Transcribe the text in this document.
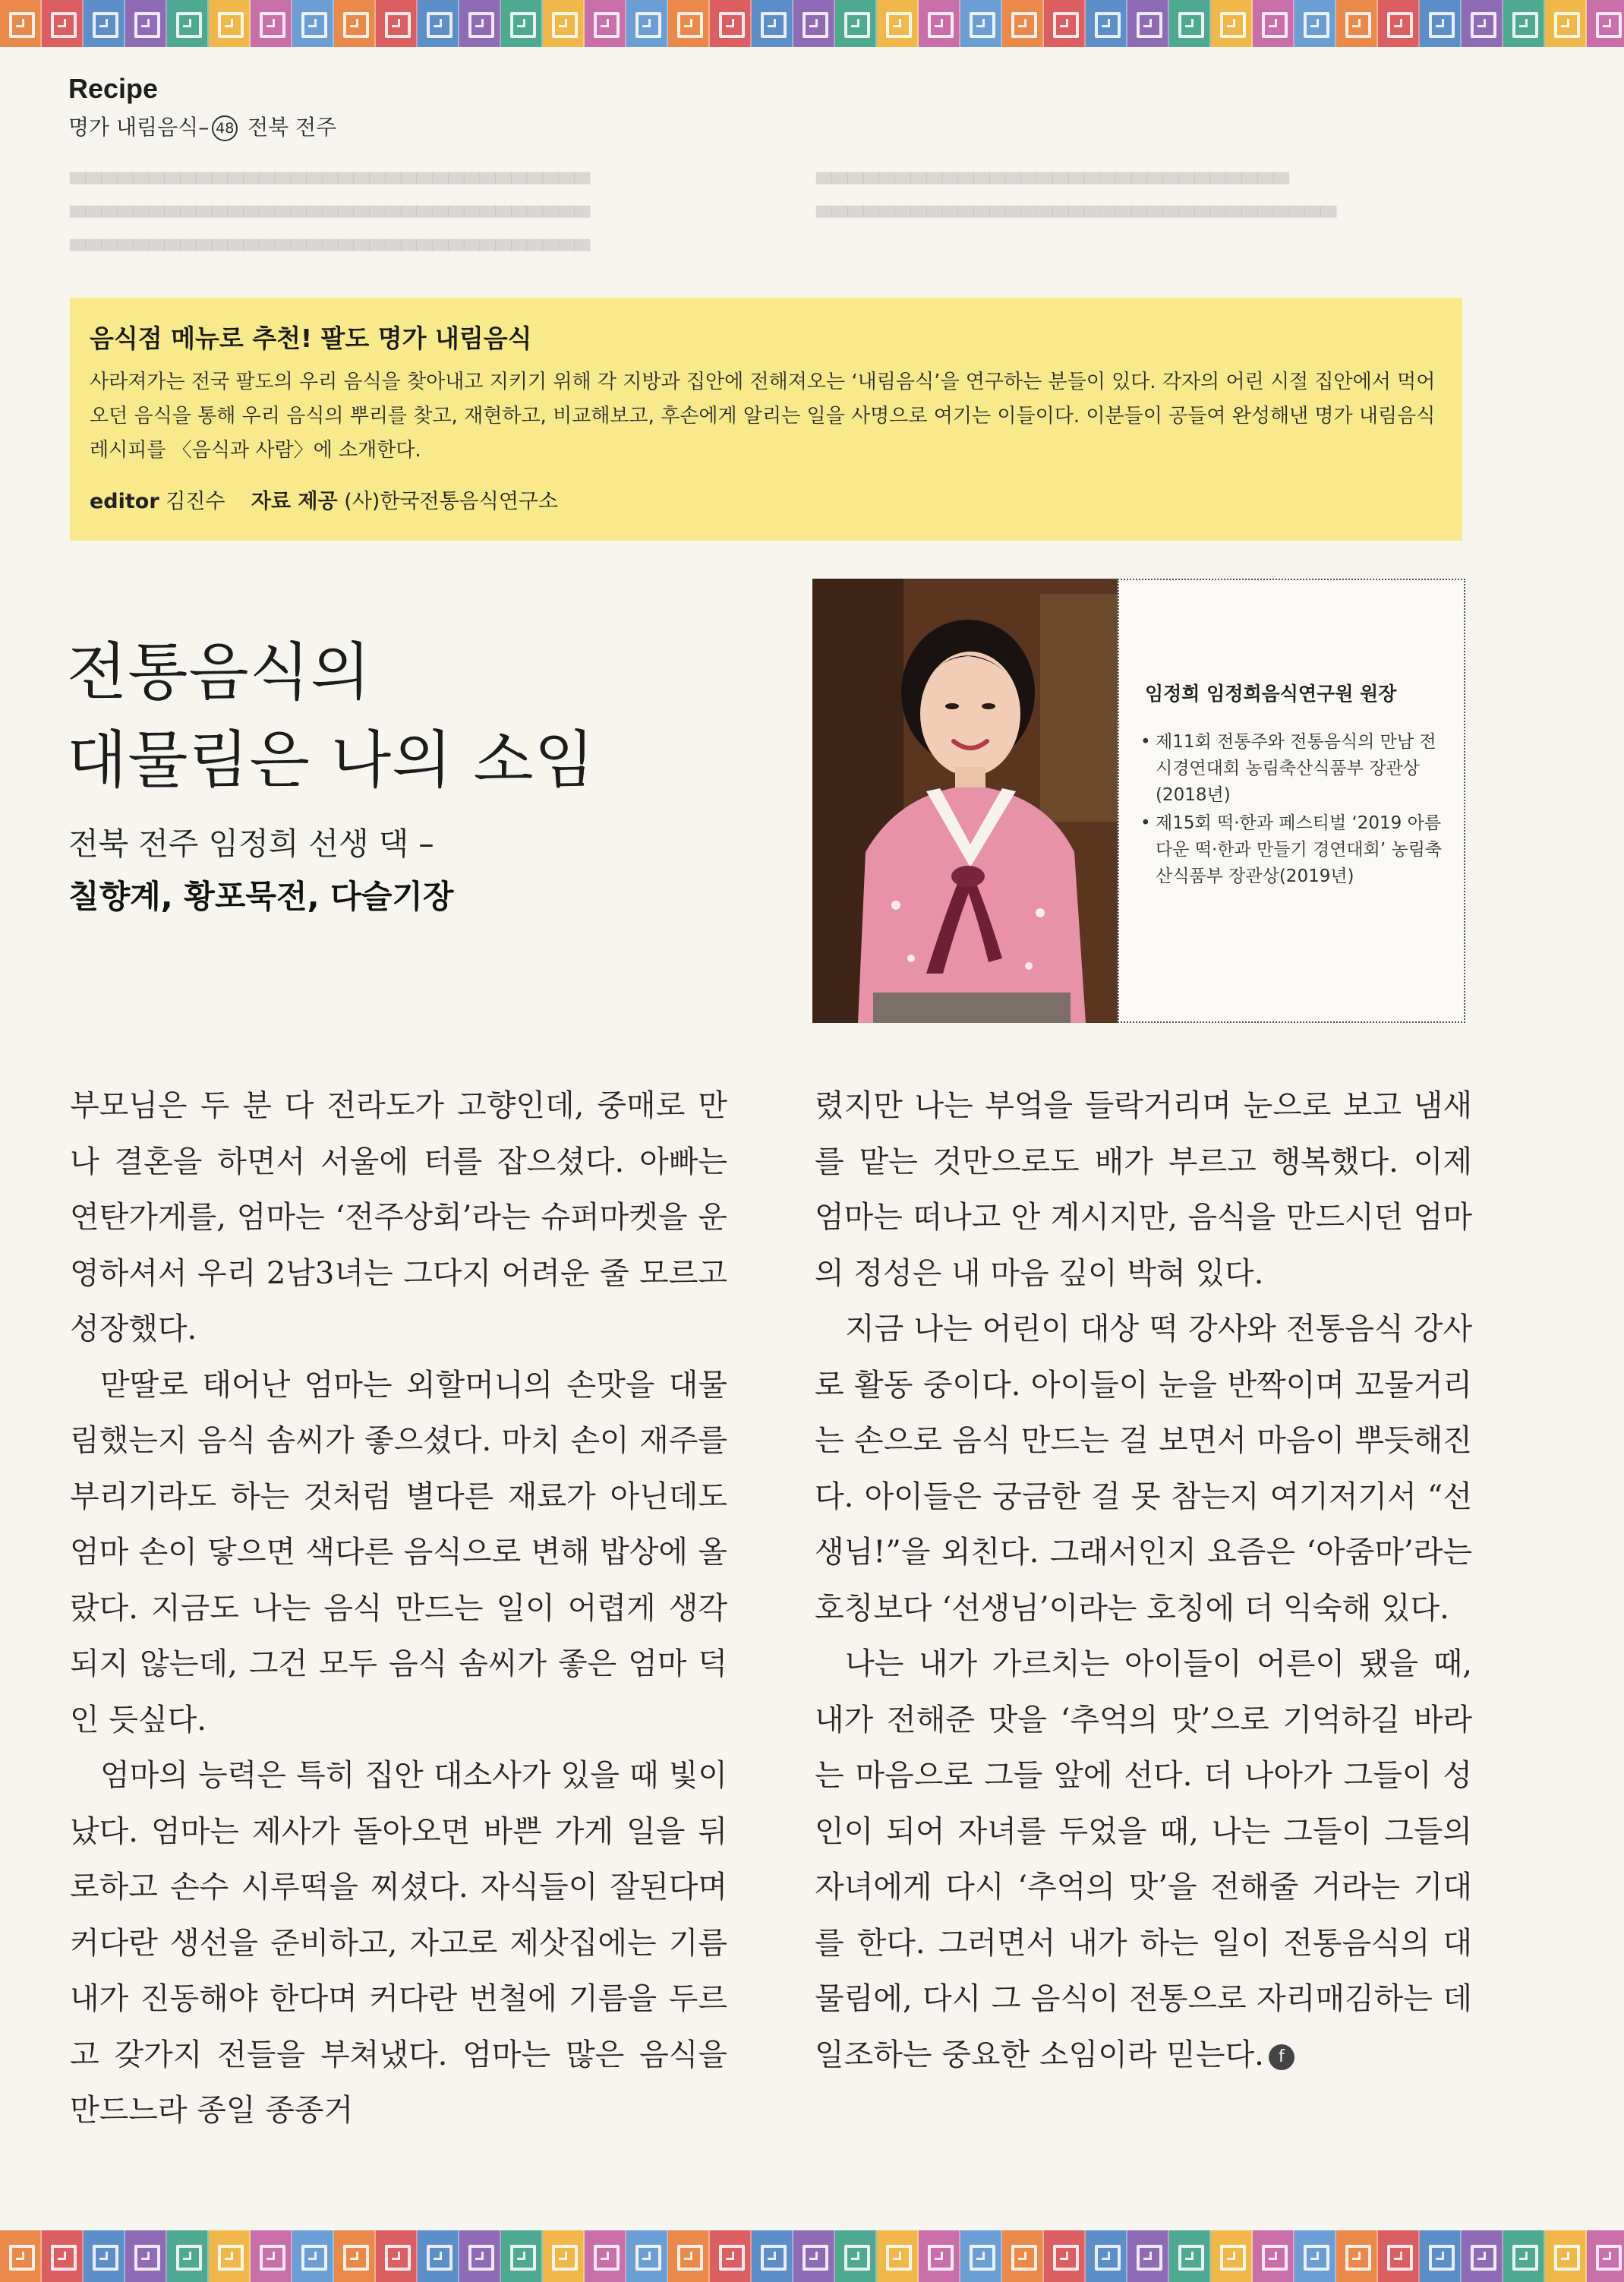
▀▀▀▀▀▀▀▀▀▀▀▀▀▀▀▀▀▀▀▀▀▀▀▀▀▀▀▀▀▀▀▀▀
▀▀▀▀▀▀▀▀▀▀▀▀▀▀▀▀▀▀▀▀▀▀▀▀▀▀▀▀▀▀▀▀▀
▀▀▀▀▀▀▀▀▀▀▀▀▀▀▀▀▀▀▀▀▀▀▀▀▀▀▀▀▀▀▀▀▀
▀▀▀▀▀▀▀▀▀▀▀▀▀▀▀▀▀▀▀▀▀▀▀▀▀▀▀▀▀▀
▀▀▀▀▀▀▀▀▀▀▀▀▀▀▀▀▀▀▀▀▀▀▀▀▀▀▀▀▀▀▀▀▀
Recipe
명가 내림음식– 48 전북 전주

음식점 메뉴로 추천! 팔도 명가 내림음식

사라져가는 전국 팔도의 우리 음식을 찾아내고 지키기 위해 각 지방과 집안에 전해져오는 ‘내림음식’을 연구하는 분들이 있다. 각자의 어린 시절 집안에서 먹어오던 음식을 통해 우리 음식의 뿌리를 찾고, 재현하고, 비교해보고, 후손에게 알리는 일을 사명으로 여기는 이들이다. 이분들이 공들여 완성해낸 명가 내림음식 레시피를 〈음식과 사람〉에 소개한다.

editor 김진수 자료 제공 (사)한국전통음식연구소
전통음식의
대물림은 나의 소임
전북 전주 임정희 선생 댁 –
칠향계, 황포묵전, 다슬기장
임정희 임정희음식연구원 원장
• 제11회 전통주와 전통음식의 만남 전시경연대회 농림축산식품부 장관상(2018년)
• 제15회 떡·한과 페스티벌 ‘2019 아름다운 떡·한과 만들기 경연대회’ 농림축산식품부 장관상(2019년)

부모님은 두 분 다 전라도가 고향인데, 중매로 만나 결혼을 하면서 서울에 터를 잡으셨다. 아빠는 연탄가게를, 엄마는 ‘전주상회’라는 슈퍼마켓을 운영하셔서 우리 2남3녀는 그다지 어려운 줄 모르고 성장했다.

맏딸로 태어난 엄마는 외할머니의 손맛을 대물림했는지 음식 솜씨가 좋으셨다. 마치 손이 재주를 부리기라도 하는 것처럼 별다른 재료가 아닌데도 엄마 손이 닿으면 색다른 음식으로 변해 밥상에 올랐다. 지금도 나는 음식 만드는 일이 어렵게 생각되지 않는데, 그건 모두 음식 솜씨가 좋은 엄마 덕인 듯싶다.

엄마의 능력은 특히 집안 대소사가 있을 때 빛이 났다. 엄마는 제사가 돌아오면 바쁜 가게 일을 뒤로하고 손수 시루떡을 찌셨다. 자식들이 잘된다며 커다란 생선을 준비하고, 자고로 제삿집에는 기름내가 진동해야 한다며 커다란 번철에 기름을 두르고 갖가지 전들을 부쳐냈다. 엄마는 많은 음식을 만드느라 종일 종종거

렸지만 나는 부엌을 들락거리며 눈으로 보고 냄새를 맡는 것만으로도 배가 부르고 행복했다. 이제 엄마는 떠나고 안 계시지만, 음식을 만드시던 엄마의 정성은 내 마음 깊이 박혀 있다.

지금 나는 어린이 대상 떡 강사와 전통음식 강사로 활동 중이다. 아이들이 눈을 반짝이며 꼬물거리는 손으로 음식 만드는 걸 보면서 마음이 뿌듯해진다. 아이들은 궁금한 걸 못 참는지 여기저기서 “선생님!”을 외친다. 그래서인지 요즘은 ‘아줌마’라는 호칭보다 ‘선생님’이라는 호칭에 더 익숙해 있다.

나는 내가 가르치는 아이들이 어른이 됐을 때, 내가 전해준 맛을 ‘추억의 맛’으로 기억하길 바라는 마음으로 그들 앞에 선다. 더 나아가 그들이 성인이 되어 자녀를 두었을 때, 나는 그들이 그들의 자녀에게 다시 ‘추억의 맛’을 전해줄 거라는 기대를 한다. 그러면서 내가 하는 일이 전통음식의 대물림에, 다시 그 음식이 전통으로 자리매김하는 데 일조하는 중요한 소임이라 믿는다. f
